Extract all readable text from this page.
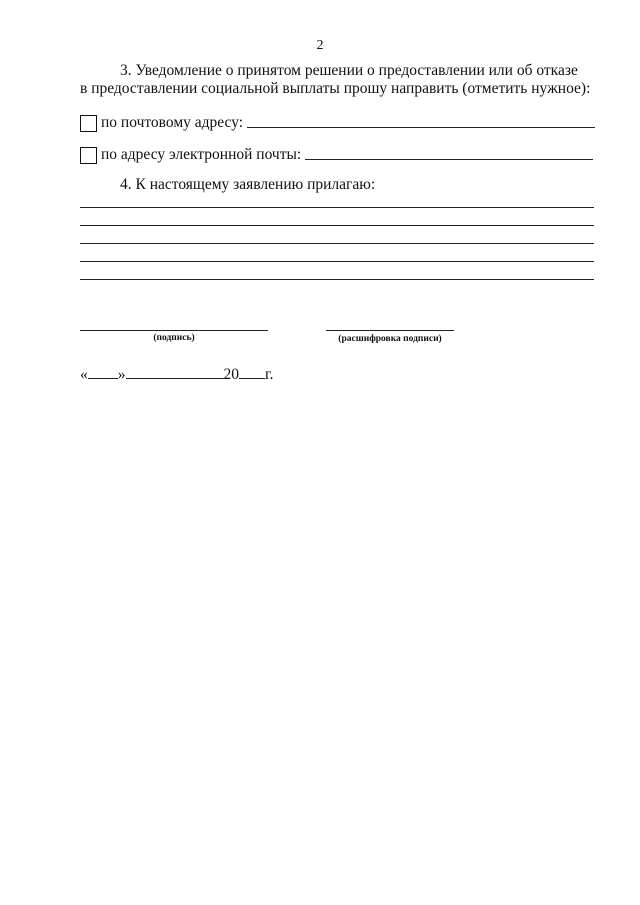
2
3. Уведомление о принятом решении о предоставлении или об отказе
в предоставлении социальной выплаты прошу направить (отметить нужное):
по почтовому адресу:
по адресу электронной почты:
4. К настоящему заявлению прилагаю:
(подпись)	(расшифровка подписи)
« »	20 г.
